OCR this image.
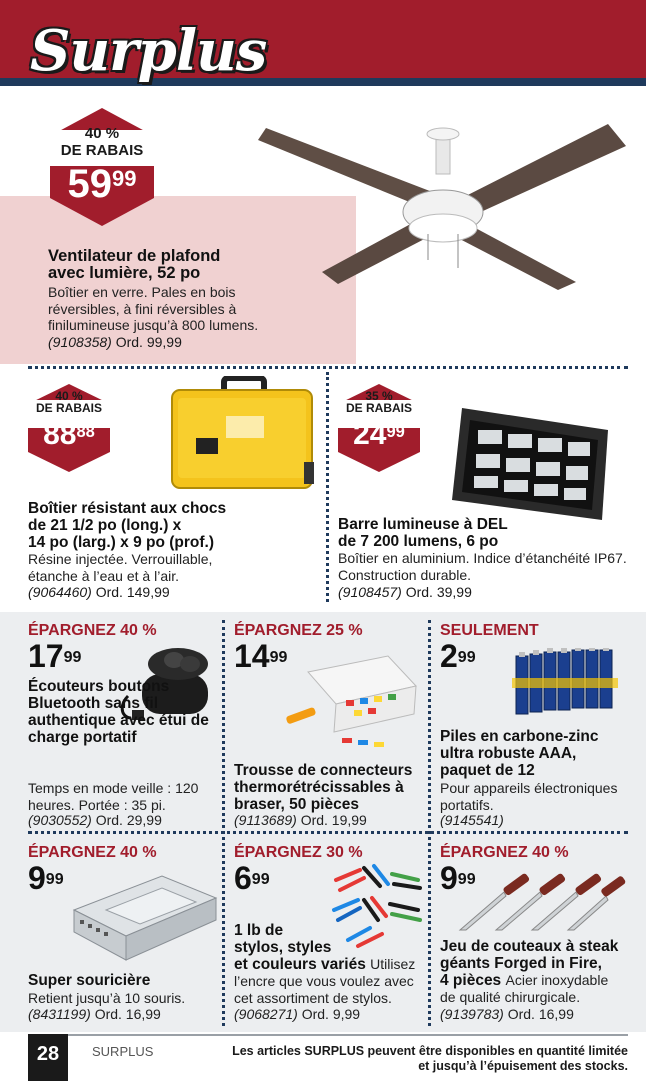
Surplus
40 %
DE RABAIS
$59^{99}$
Ventilateur de plafond
avec lumière, 52 po
Boîtier en verre. Pales en bois réversibles, à fini réversibles à finilumineuse jusqu’à 800 lumens.
(9108358) Ord. 99,99
40 %
DE RABAIS
$88^{88}$
Boîtier résistant aux chocs
de 21 1/2 po (long.) x
14 po (larg.) x 9 po (prof.)
Résine injectée. Verrouillable, étanche à l’eau et à l’air.
(9064460) Ord. 149,99
35 %
DE RABAIS
$24^{99}$
Barre lumineuse à DEL
de 7 200 lumens, 6 po
Boîtier en aluminium. Indice d’étanchéité IP67. Construction durable.
(9108457) Ord. 39,99
ÉPARGNEZ 40 %
$17^{99}$
Écouteurs boutons Bluetooth sans fil authentique avec étui de charge portatif
Temps en mode veille : 120 heures. Portée : 35 pi.
(9030552) Ord. 29,99
ÉPARGNEZ 25 %
$14^{99}$
Trousse de connecteurs thermorétrécissables à braser, 50 pièces
(9113689) Ord. 19,99
SEULEMENT
$2^{99}$
Piles en carbone-zinc ultra robuste AAA, paquet de 12
Pour appareils électroniques portatifs.
(9145541)
ÉPARGNEZ 40 %
$9^{99}$
Super souricière
Retient jusqu’à 10 souris.
(8431199) Ord. 16,99
ÉPARGNEZ 30 %
$6^{99}$
1 lb de
stylos, styles
et couleurs variés Utilisez
l’encre que vous voulez avec cet assortiment de stylos.
(9068271) Ord. 9,99
ÉPARGNEZ 40 %
$9^{99}$
Jeu de couteaux à steak
géants Forged in Fire,
4 pièces Acier inoxydable
de qualité chirurgicale.
(9139783) Ord. 16,99
28	SURPLUS	Les articles SURPLUS peuvent être disponibles en quantité limitée
et jusqu’à l’épuisement des stocks.
